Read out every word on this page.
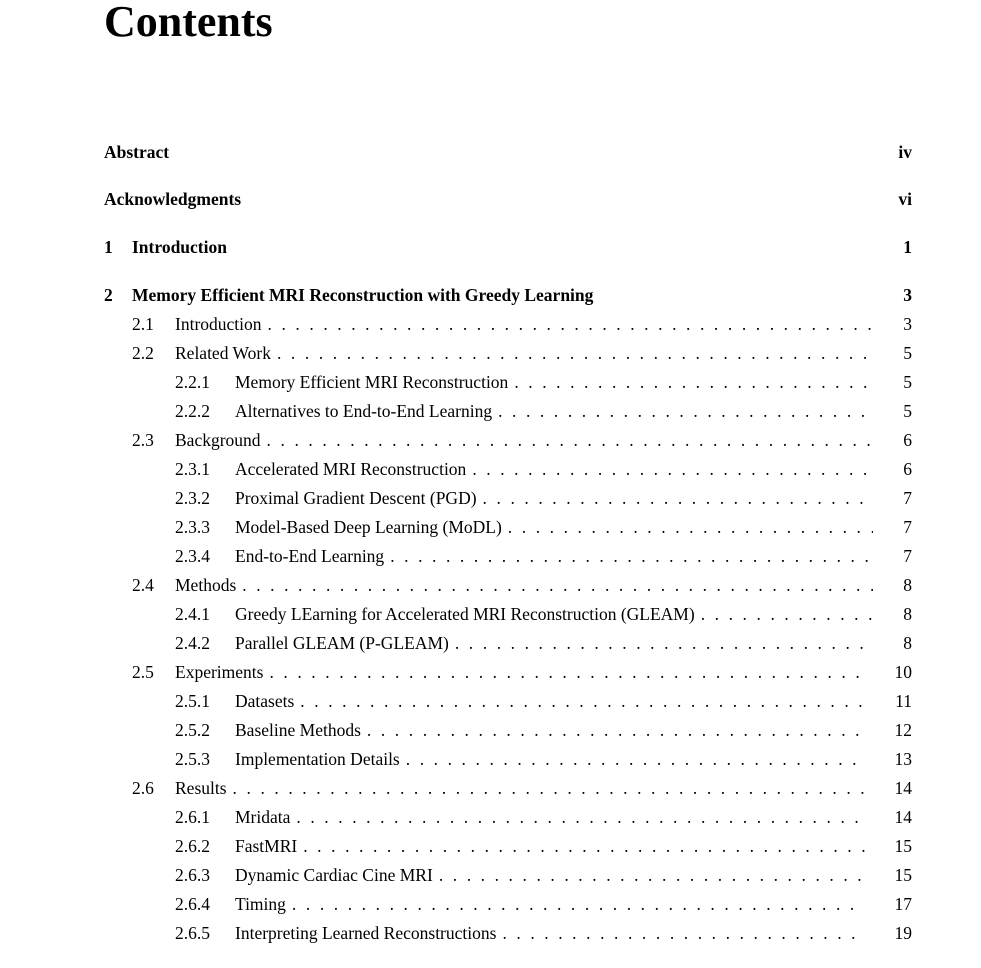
Contents
Abstract	iv
Acknowledgments	vi
1	Introduction	1
2	Memory Efficient MRI Reconstruction with Greedy Learning	3
2.1	Introduction . . .	3
2.2	Related Work . . .	5
2.2.1	Memory Efficient MRI Reconstruction . . .	5
2.2.2	Alternatives to End-to-End Learning . . .	5
2.3	Background . . .	6
2.3.1	Accelerated MRI Reconstruction . . .	6
2.3.2	Proximal Gradient Descent (PGD) . . .	7
2.3.3	Model-Based Deep Learning (MoDL) . . .	7
2.3.4	End-to-End Learning . . .	7
2.4	Methods . . .	8
2.4.1	Greedy LEarning for Accelerated MRI Reconstruction (GLEAM) . . .	8
2.4.2	Parallel GLEAM (P-GLEAM) . . .	8
2.5	Experiments . . .	10
2.5.1	Datasets . . .	11
2.5.2	Baseline Methods . . .	12
2.5.3	Implementation Details . . .	13
2.6	Results . . .	14
2.6.1	Mridata . . .	14
2.6.2	FastMRI . . .	15
2.6.3	Dynamic Cardiac Cine MRI . . .	15
2.6.4	Timing . . .	17
2.6.5	Interpreting Learned Reconstructions . . .	19
